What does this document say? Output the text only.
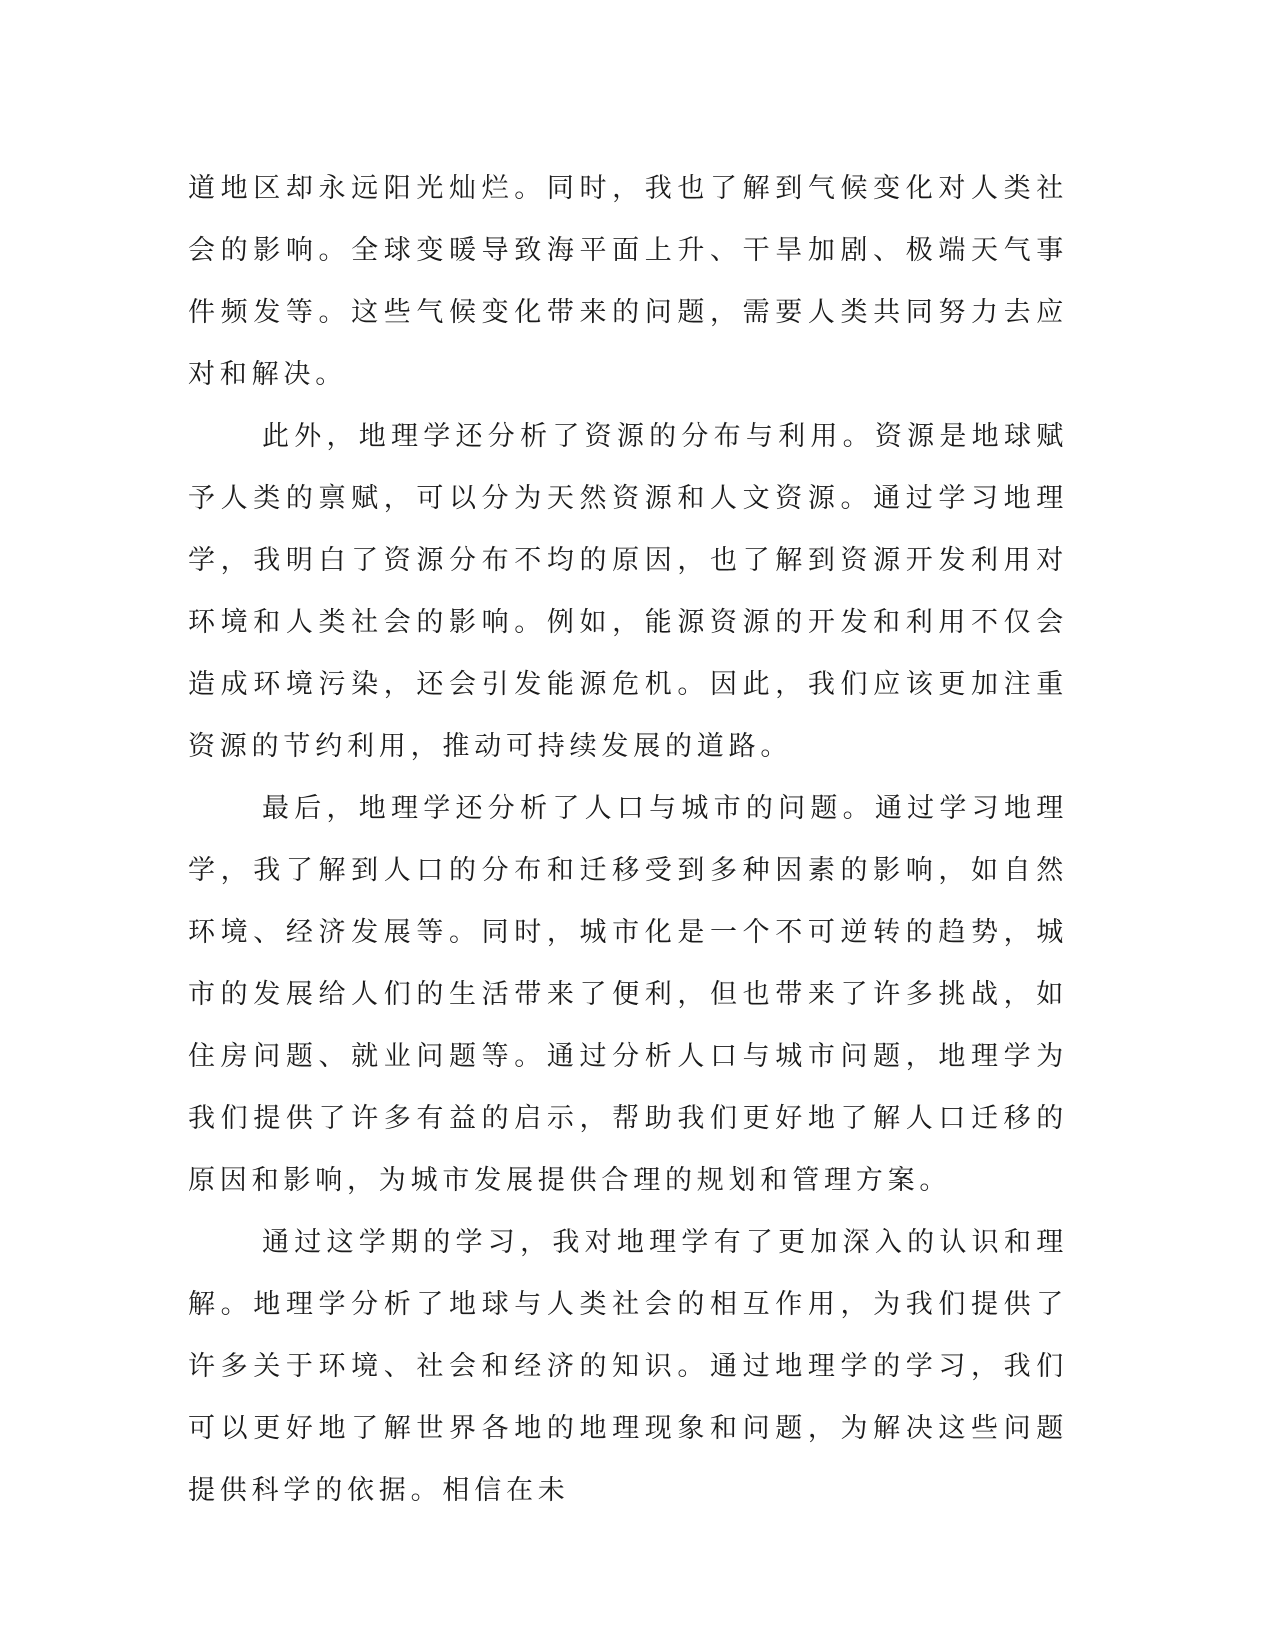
道地区却永远阳光灿烂。同时，我也了解到气候变化对人类社会的影响。全球变暖导致海平面上升、干旱加剧、极端天气事件频发等。这些气候变化带来的问题，需要人类共同努力去应对和解决。

此外，地理学还分析了资源的分布与利用。资源是地球赋予人类的禀赋，可以分为天然资源和人文资源。通过学习地理学，我明白了资源分布不均的原因，也了解到资源开发利用对环境和人类社会的影响。例如，能源资源的开发和利用不仅会造成环境污染，还会引发能源危机。因此，我们应该更加注重资源的节约利用，推动可持续发展的道路。

最后，地理学还分析了人口与城市的问题。通过学习地理学，我了解到人口的分布和迁移受到多种因素的影响，如自然环境、经济发展等。同时，城市化是一个不可逆转的趋势，城市的发展给人们的生活带来了便利，但也带来了许多挑战，如住房问题、就业问题等。通过分析人口与城市问题，地理学为我们提供了许多有益的启示，帮助我们更好地了解人口迁移的原因和影响，为城市发展提供合理的规划和管理方案。

通过这学期的学习，我对地理学有了更加深入的认识和理解。地理学分析了地球与人类社会的相互作用，为我们提供了许多关于环境、社会和经济的知识。通过地理学的学习，我们可以更好地了解世界各地的地理现象和问题，为解决这些问题提供科学的依据。相信在未
